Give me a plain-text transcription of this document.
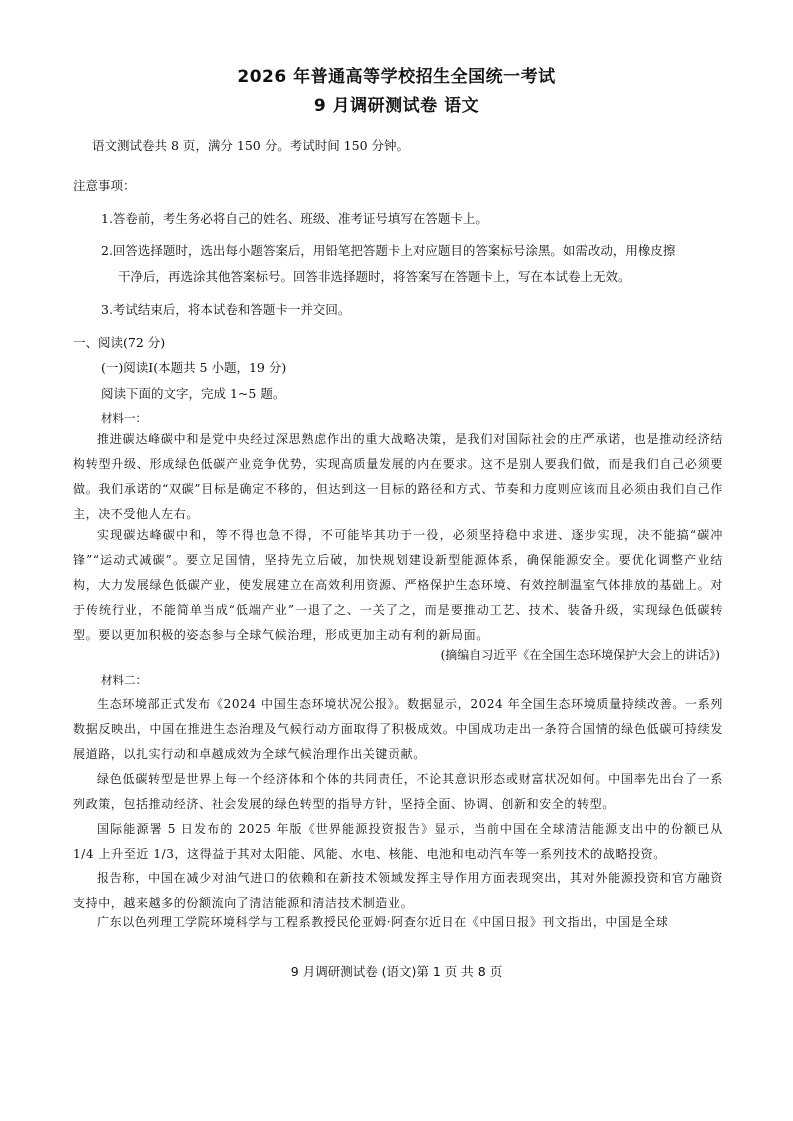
2026 年普通高等学校招生全国统一考试
9 月调研测试卷 语文
语文测试卷共 8 页，满分 150 分。考试时间 150 分钟。
注意事项：
1.答卷前，考生务必将自己的姓名、班级、准考证号填写在答题卡上。
2.回答选择题时，选出每小题答案后，用铅笔把答题卡上对应题目的答案标号涂黑。如需改动，用橡皮擦
干净后，再选涂其他答案标号。回答非选择题时，将答案写在答题卡上，写在本试卷上无效。
3.考试结束后，将本试卷和答题卡一并交回。
一、阅读(72 分)
(一)阅读Ⅰ(本题共 5 小题，19 分)
阅读下面的文字，完成 1~5 题。
材料一：
推进碳达峰碳中和是党中央经过深思熟虑作出的重大战略决策，是我们对国际社会的庄严承诺，也是推动经济结构转型升级、形成绿色低碳产业竞争优势，实现高质量发展的内在要求。这不是别人要我们做，而是我们自己必须要做。我们承诺的“双碳”目标是确定不移的，但达到这一目标的路径和方式、节奏和力度则应该而且必须由我们自己作主，决不受他人左右。
实现碳达峰碳中和，等不得也急不得，不可能毕其功于一役，必须坚持稳中求进、逐步实现，决不能搞“碳冲锋”“运动式减碳”。要立足国情，坚持先立后破，加快规划建设新型能源体系，确保能源安全。要优化调整产业结构，大力发展绿色低碳产业，使发展建立在高效利用资源、严格保护生态环境、有效控制温室气体排放的基础上。对于传统行业，不能简单当成“低端产业”一退了之、一关了之，而是要推动工艺、技术、装备升级，实现绿色低碳转型。要以更加积极的姿态参与全球气候治理，形成更加主动有利的新局面。
(摘编自习近平《在全国生态环境保护大会上的讲话》)
材料二：
生态环境部正式发布《2024 中国生态环境状况公报》。数据显示，2024 年全国生态环境质量持续改善。一系列数据反映出，中国在推进生态治理及气候行动方面取得了积极成效。中国成功走出一条符合国情的绿色低碳可持续发展道路，以扎实行动和卓越成效为全球气候治理作出关键贡献。
绿色低碳转型是世界上每一个经济体和个体的共同责任，不论其意识形态或财富状况如何。中国率先出台了一系列政策，包括推动经济、社会发展的绿色转型的指导方针，坚持全面、协调、创新和安全的转型。
国际能源署 5 日发布的 2025 年版《世界能源投资报告》显示，当前中国在全球清洁能源支出中的份额已从 1/4 上升至近 1/3，这得益于其对太阳能、风能、水电、核能、电池和电动汽车等一系列技术的战略投资。
报告称，中国在减少对油气进口的依赖和在新技术领域发挥主导作用方面表现突出，其对外能源投资和官方融资支持中，越来越多的份额流向了清洁能源和清洁技术制造业。
广东以色列理工学院环境科学与工程系教授民伦亚姆·阿查尔近日在《中国日报》刊文指出，中国是全球
9 月调研测试卷 (语文)第 1 页 共 8 页
